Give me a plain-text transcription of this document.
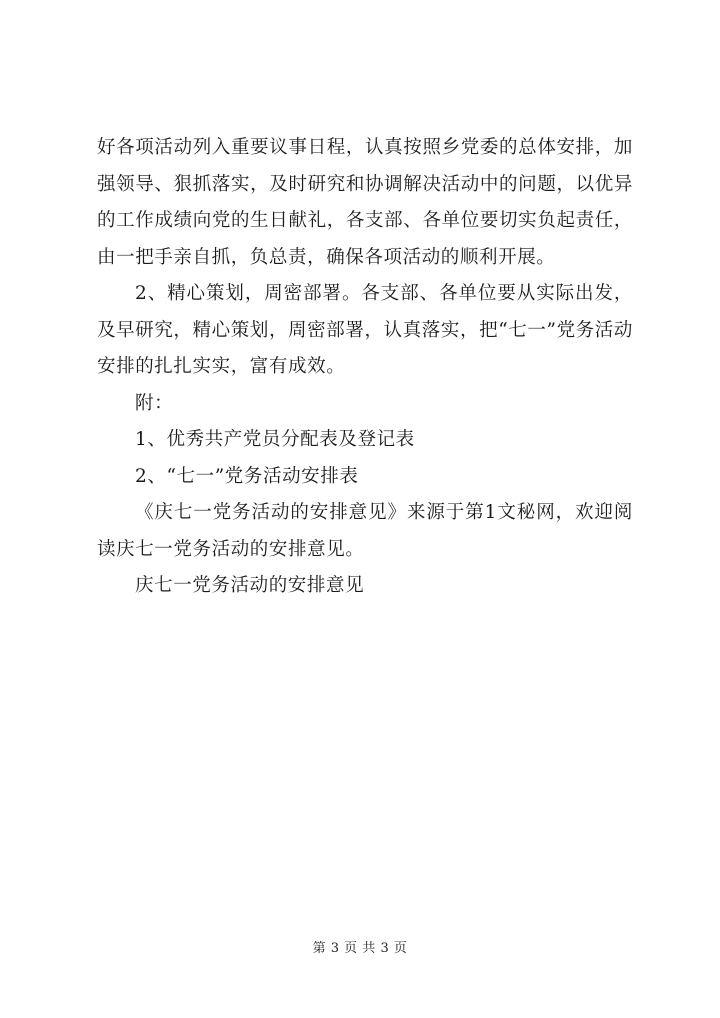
好各项活动列入重要议事日程，认真按照乡党委的总体安排，加强领导、狠抓落实，及时研究和协调解决活动中的问题，以优异的工作成绩向党的生日献礼，各支部、各单位要切实负起责任，由一把手亲自抓，负总责，确保各项活动的顺利开展。

2、精心策划，周密部署。各支部、各单位要从实际出发，及早研究，精心策划，周密部署，认真落实，把“七一”党务活动安排的扎扎实实，富有成效。

附：

1、优秀共产党员分配表及登记表

2、“七一”党务活动安排表

《庆七一党务活动的安排意见》来源于第1文秘网，欢迎阅读庆七一党务活动的安排意见。

庆七一党务活动的安排意见

第 3 页 共 3 页
